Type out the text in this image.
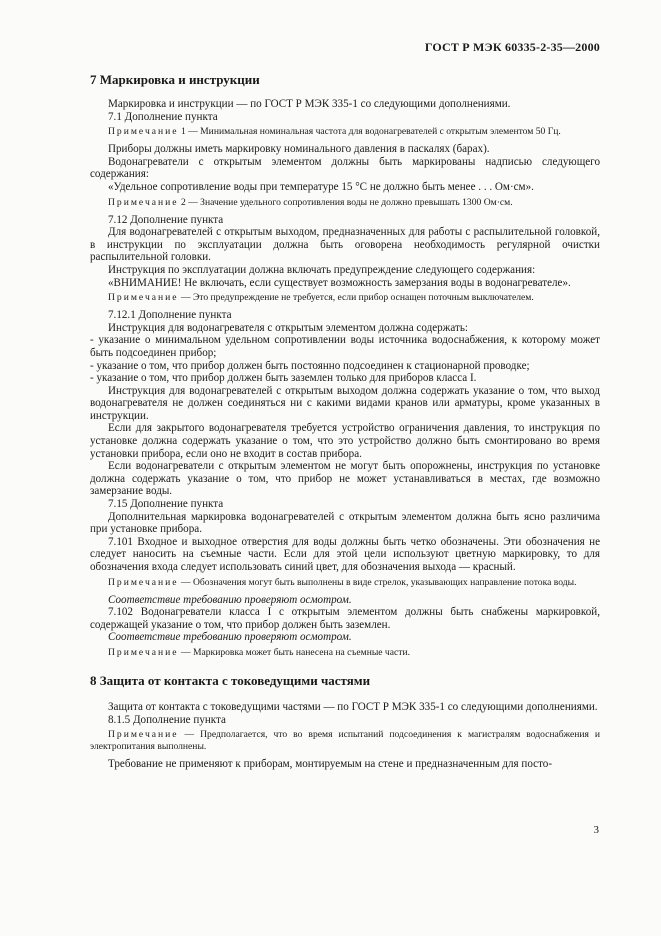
ГОСТ Р МЭК 60335-2-35—2000
7 Маркировка и инструкции

Маркировка и инструкции — по ГОСТ Р МЭК 335-1 со следующими дополнениями.

7.1 Дополнение пункта

Примечание 1 — Минимальная номинальная частота для водонагревателей с открытым элементом 50 Гц.

Приборы должны иметь маркировку номинального давления в паскалях (барах).

Водонагреватели с открытым элементом должны быть маркированы надписью следующего содержания:

«Удельное сопротивление воды при температуре 15 °С не должно быть менее . . . Ом·см».

Примечание 2 — Значение удельного сопротивления воды не должно превышать 1300 Ом·см.

7.12 Дополнение пункта

Для водонагревателей с открытым выходом, предназначенных для работы с распылительной головкой, в инструкции по эксплуатации должна быть оговорена необходимость регулярной очистки распылительной головки.

Инструкция по эксплуатации должна включать предупреждение следующего содержания:

«ВНИМАНИЕ! Не включать, если существует возможность замерзания воды в водонагревателе».

Примечание — Это предупреждение не требуется, если прибор оснащен поточным выключателем.

7.12.1 Дополнение пункта

Инструкция для водонагревателя с открытым элементом должна содержать:

- указание о минимальном удельном сопротивлении воды источника водоснабжения, к которому может быть подсоединен прибор;

- указание о том, что прибор должен быть постоянно подсоединен к стационарной проводке;

- указание о том, что прибор должен быть заземлен только для приборов класса I.

Инструкция для водонагревателей с открытым выходом должна содержать указание о том, что выход водонагревателя не должен соединяться ни с какими видами кранов или арматуры, кроме указанных в инструкции.

Если для закрытого водонагревателя требуется устройство ограничения давления, то инструкция по установке должна содержать указание о том, что это устройство должно быть смонтировано во время установки прибора, если оно не входит в состав прибора.

Если водонагреватели с открытым элементом не могут быть опорожнены, инструкция по установке должна содержать указание о том, что прибор не может устанавливаться в местах, где возможно замерзание воды.

7.15 Дополнение пункта

Дополнительная маркировка водонагревателей с открытым элементом должна быть ясно различима при установке прибора.

7.101 Входное и выходное отверстия для воды должны быть четко обозначены. Эти обозначения не следует наносить на съемные части. Если для этой цели используют цветную маркировку, то для обозначения входа следует использовать синий цвет, для обозначения выхода — красный.

Примечание — Обозначения могут быть выполнены в виде стрелок, указывающих направление потока воды.

Соответствие требованию проверяют осмотром.

7.102 Водонагреватели класса I с открытым элементом должны быть снабжены маркировкой, содержащей указание о том, что прибор должен быть заземлен.

Соответствие требованию проверяют осмотром.

Примечание — Маркировка может быть нанесена на съемные части.

8 Защита от контакта с токоведущими частями

Защита от контакта с токоведущими частями — по ГОСТ Р МЭК 335-1 со следующими дополнениями.

8.1.5 Дополнение пункта

Примечание — Предполагается, что во время испытаний подсоединения к магистралям водоснабжения и электропитания выполнены.

Требование не применяют к приборам, монтируемым на стене и предназначенным для посто-

3
